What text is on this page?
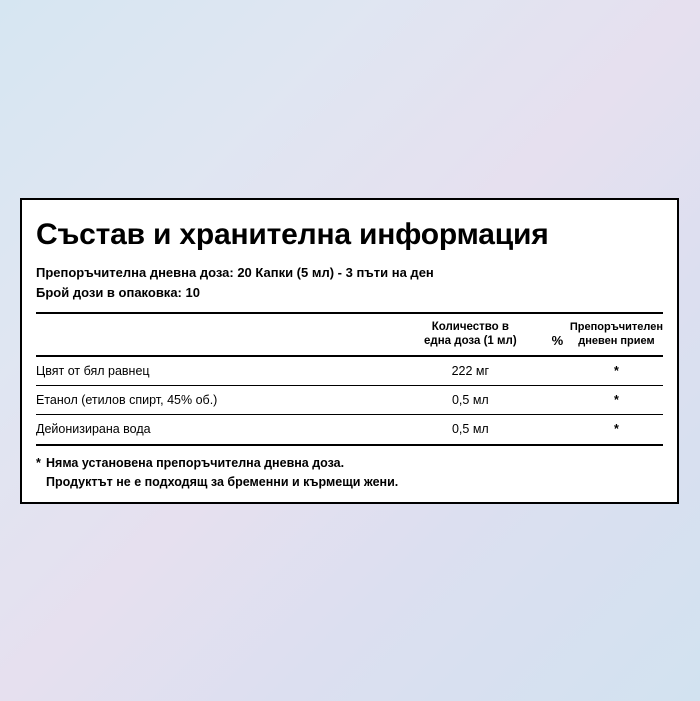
Състав и хранителна информация
Препоръчителна дневна доза: 20 Капки (5 мл) - 3 пъти на ден
Брой дози в опаковка: 10
	Количество в
една доза (1 мл)	%	Препоръчителен
дневен прием
Цвят от бял равнец	222 мг		*
Етанол (етилов спирт, 45% об.)	0,5 мл		*
Дейонизирана вода	0,5 мл		*
* Няма установена препоръчителна дневна доза.
Продуктът не е подходящ за бременни и кърмещи жени.
